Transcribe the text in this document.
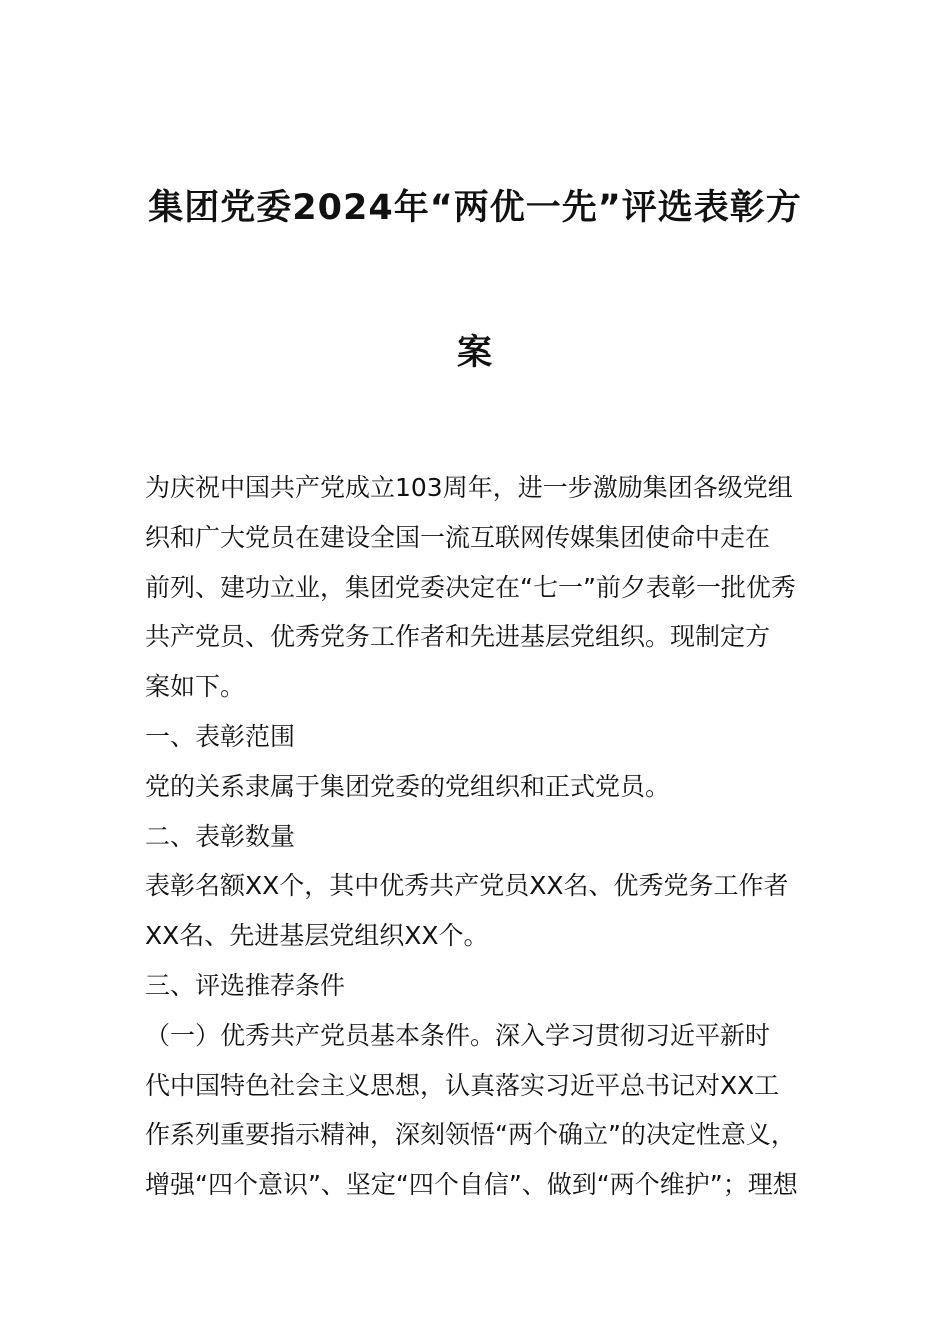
集团党委2024年“两优一先”评选表彰方
案
为庆祝中国共产党成立103周年，进一步激励集团各级党组
织和广大党员在建设全国一流互联网传媒集团使命中走在
前列、建功立业，集团党委决定在“七一”前夕表彰一批优秀
共产党员、优秀党务工作者和先进基层党组织。现制定方
案如下。
一、表彰范围
党的关系隶属于集团党委的党组织和正式党员。
二、表彰数量
表彰名额XX个，其中优秀共产党员XX名、优秀党务工作者
XX名、先进基层党组织XX个。
三、评选推荐条件
（一）优秀共产党员基本条件。深入学习贯彻习近平新时
代中国特色社会主义思想，认真落实习近平总书记对XX工
作系列重要指示精神，深刻领悟“两个确立”的决定性意义，
增强“四个意识”、坚定“四个自信”、做到“两个维护”；理想
